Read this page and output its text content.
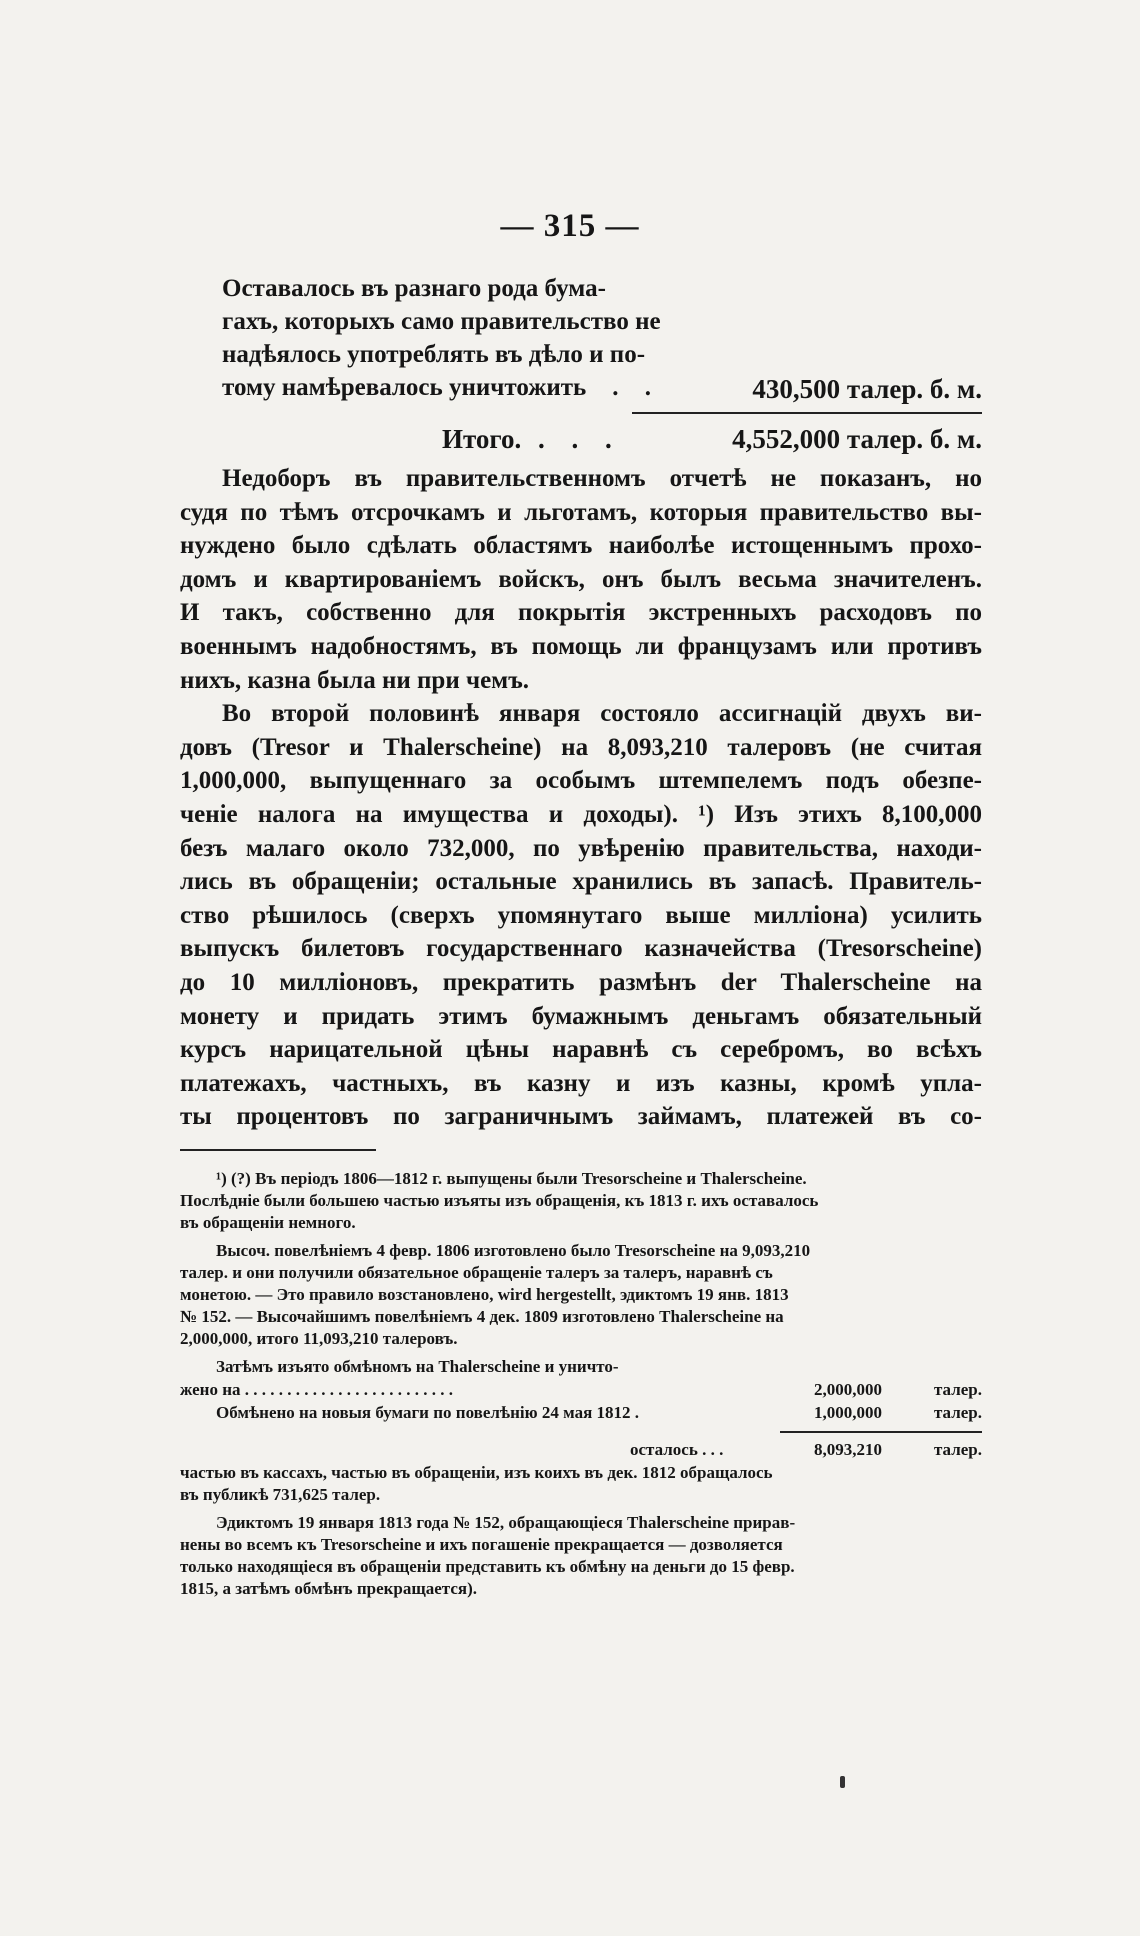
— 315 —
Оставалось въ разнаго рода бума-
гахъ, которыхъ само правительство не
надѣялось употреблять въ дѣло и по-
тому намѣревалось уничтожить . .	430,500 талер. б. м.
Итого. . . .	4,552,000 талер. б. м.

Недоборъ въ правительственномъ отчетѣ не показанъ, но

судя по тѣмъ отсрочкамъ и льготамъ, которыя правительство вы-

нуждено было сдѣлать областямъ наиболѣе истощеннымъ прохо-

домъ и квартированіемъ войскъ, онъ былъ весьма значителенъ.

И такъ, собственно для покрытія экстренныхъ расходовъ по

военнымъ надобностямъ, въ помощь ли французамъ или противъ

нихъ, казна была ни при чемъ.

Во второй половинѣ января состояло ассигнацій двухъ ви-

довъ (Tresor и Thalerscheine) на 8,093,210 талеровъ (не считая

1,000,000, выпущеннаго за особымъ штемпелемъ подъ обезпе-

ченіе налога на имущества и доходы). ¹) Изъ этихъ 8,100,000

безъ малаго около 732,000, по увѣренію правительства, находи-

лись въ обращеніи; остальные хранились въ запасѣ. Правитель-

ство рѣшилось (сверхъ упомянутаго выше милліона) усилить

выпускъ билетовъ государственнаго казначейства (Tresorscheine)

до 10 милліоновъ, прекратить размѣнъ der Thalerscheine на

монету и придать этимъ бумажнымъ деньгамъ обязательный

курсъ нарицательной цѣны наравнѣ съ серебромъ, во всѣхъ

платежахъ, частныхъ, въ казну и изъ казны, кромѣ упла-

ты процентовъ по заграничнымъ займамъ, платежей въ со-

¹) (?) Въ періодъ 1806—1812 г. выпущены были Tresorscheine и Thalerscheine.

Послѣдніе были большею частью изъяты изъ обращенія, къ 1813 г. ихъ оставалось

въ обращеніи немного.

Высоч. повелѣніемъ 4 февр. 1806 изготовлено было Tresorscheine на 9,093,210

талер. и они получили обязательное обращеніе талеръ за талеръ, наравнѣ съ

монетою. — Это правило возстановлено, wird hergestellt, эдиктомъ 19 янв. 1813

№ 152. — Высочайшимъ повелѣніемъ 4 дек. 1809 изготовлено Thalerscheine на

2,000,000, итого 11,093,210 талеровъ.

Затѣмъ изъято обмѣномъ на Thalerscheine и уничто-
жено на . . . . . . . . . . . . . . . . . . . . . . . . .	2,000,000	талер.
Обмѣнено на новыя бумаги по повелѣнію 24 мая 1812 .	1,000,000	талер.
осталось . . .	8,093,210	талер.

частью въ кассахъ, частью въ обращеніи, изъ коихъ въ дек. 1812 обращалось

въ публикѣ 731,625 талер.

Эдиктомъ 19 января 1813 года № 152, обращающіеся Thalerscheine прирав-

нены во всемъ къ Tresorscheine и ихъ погашеніе прекращается — дозволяется

только находящіеся въ обращеніи представить къ обмѣну на деньги до 15 февр.

1815, а затѣмъ обмѣнъ прекращается).
